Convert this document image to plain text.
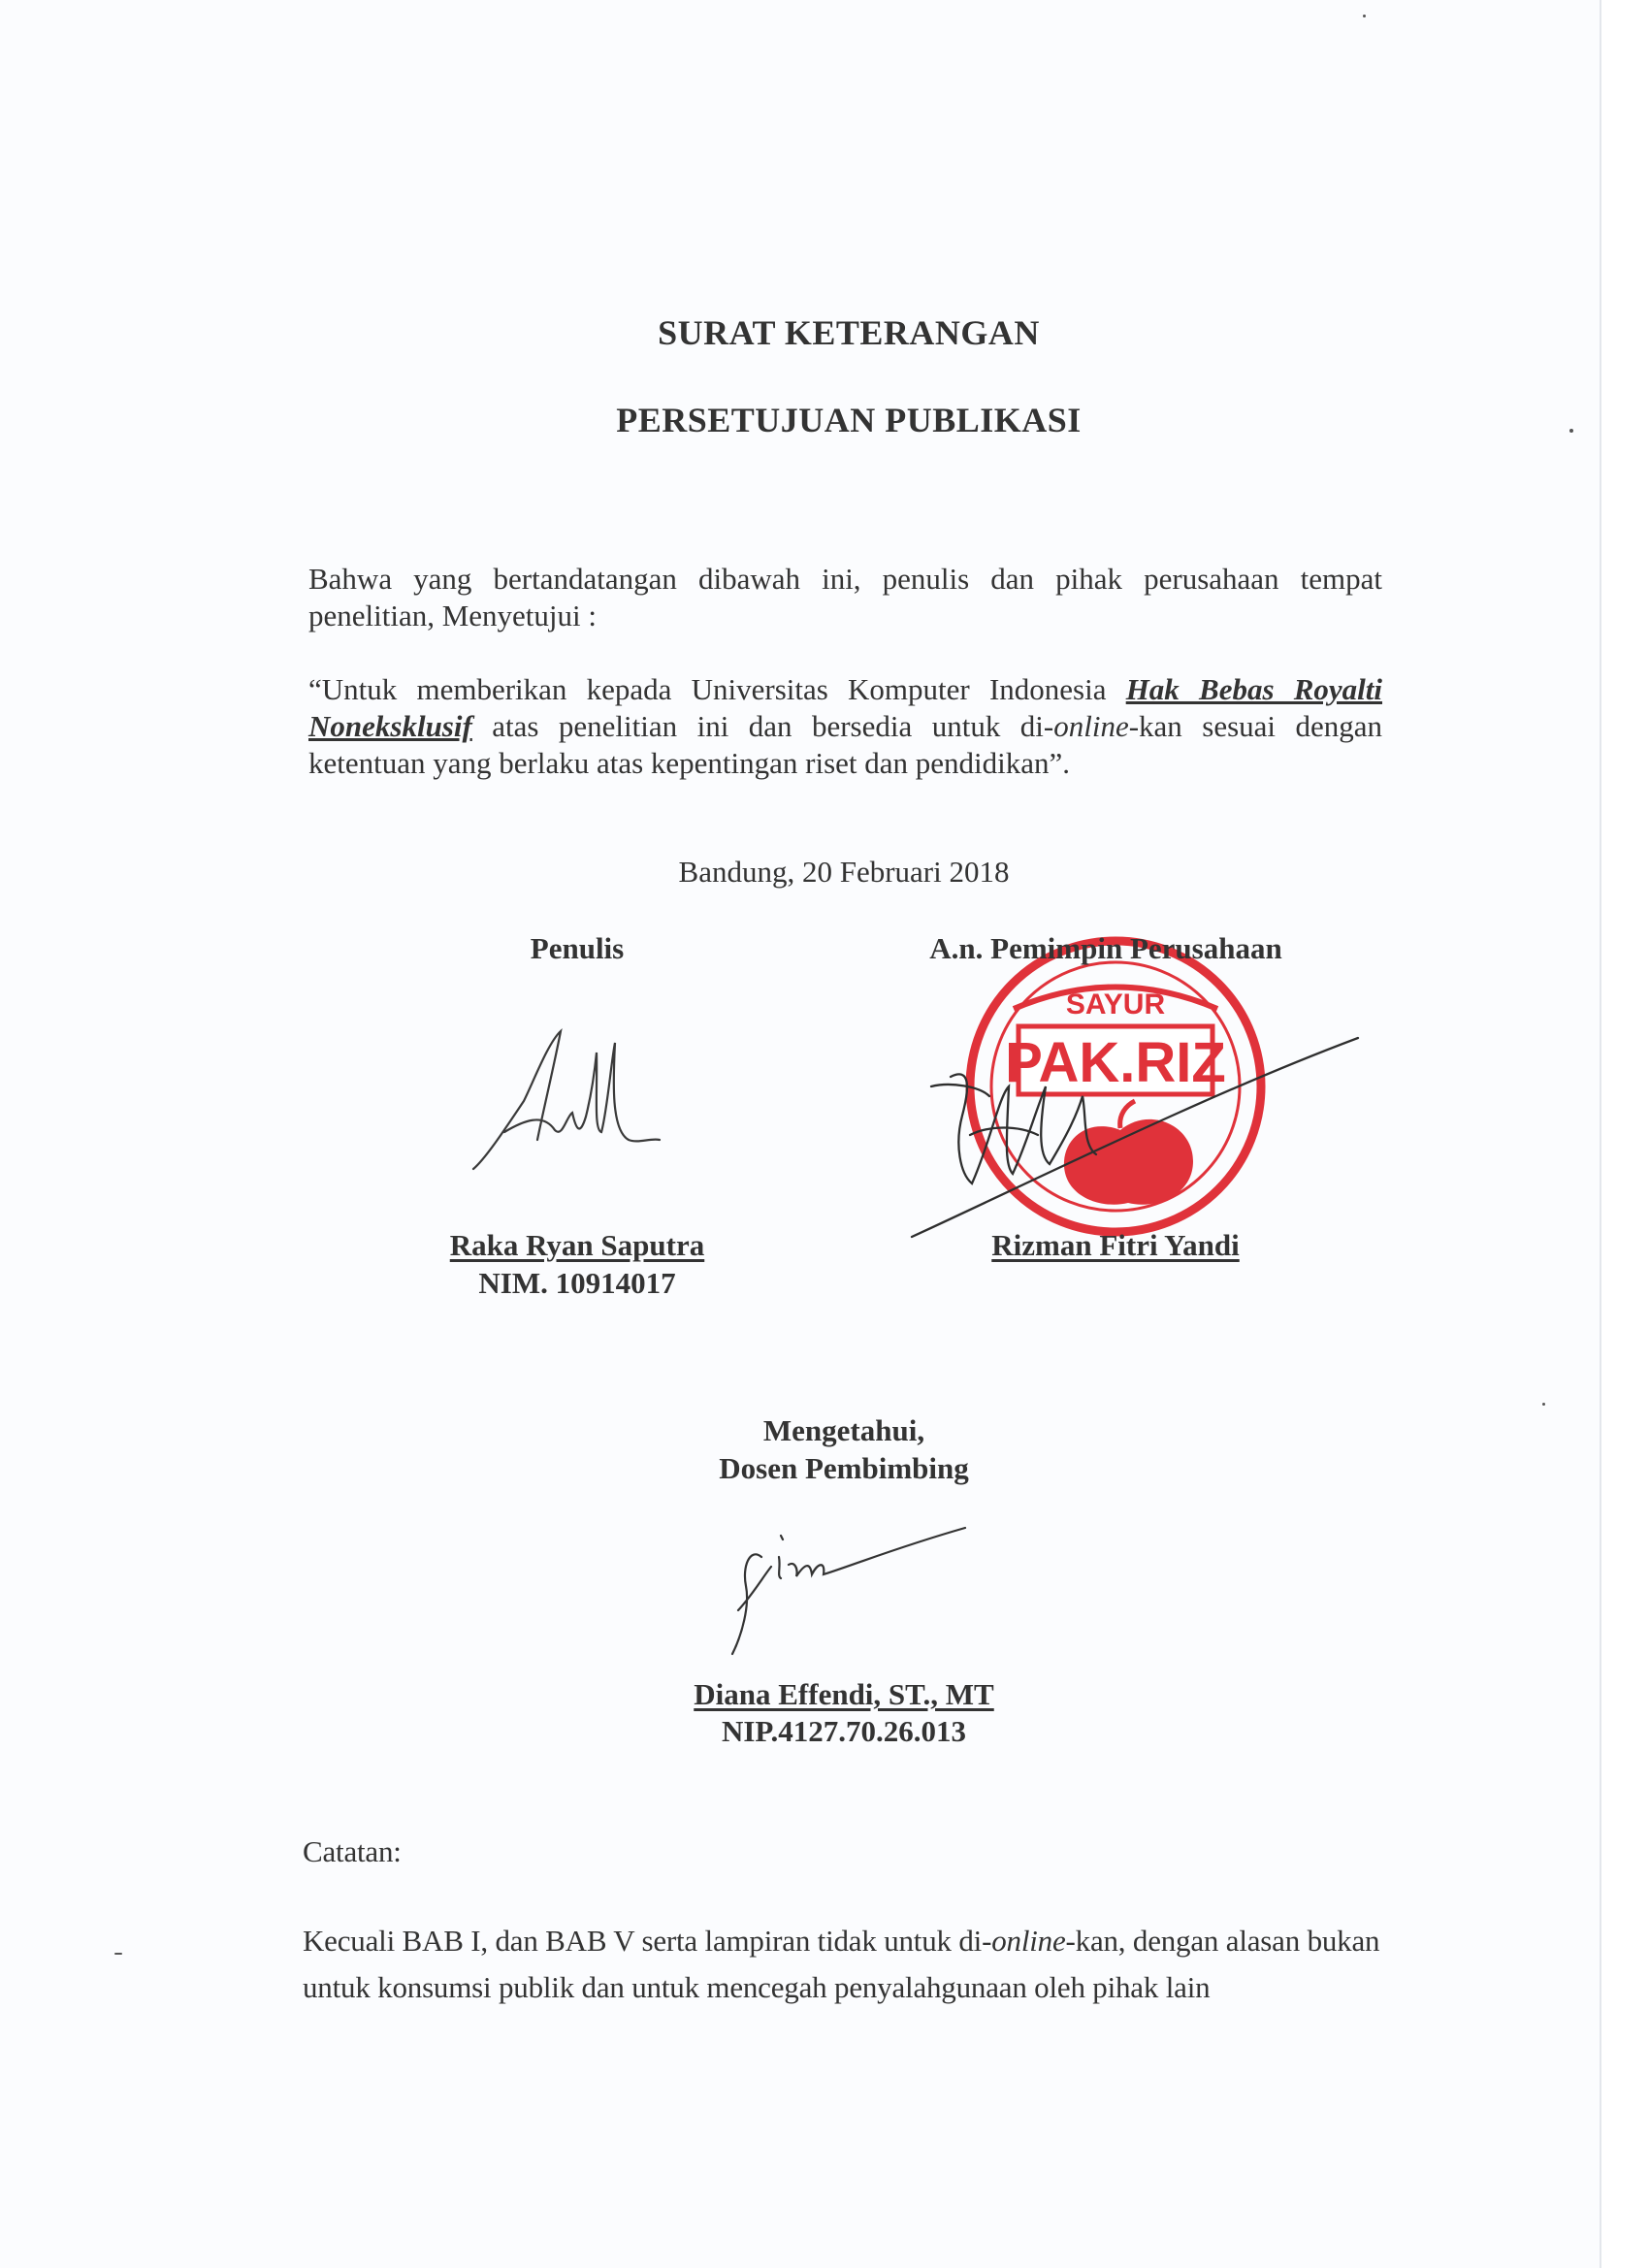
SURAT KETERANGAN
PERSETUJUAN PUBLIKASI
Bahwa yang bertandatangan dibawah ini, penulis dan pihak perusahaan tempat penelitian, Menyetujui :
“Untuk memberikan kepada Universitas Komputer Indonesia Hak Bebas Royalti Noneksklusif atas penelitian ini dan bersedia untuk di-online-kan sesuai dengan ketentuan yang berlaku atas kepentingan riset dan pendidikan”.
Bandung, 20 Februari 2018
Penulis
Raka Ryan Saputra
NIM. 10914017
SAYUR
PAK.RIZ
A.n. Pemimpin Perusahaan
Rizman Fitri Yandi
Mengetahui,
Dosen Pembimbing
Diana Effendi, ST., MT
NIP.4127.70.26.013
Catatan:
Kecuali BAB I, dan BAB V serta lampiran tidak untuk di-online-kan, dengan alasan bukan untuk konsumsi publik dan untuk mencegah penyalahgunaan oleh pihak lain
